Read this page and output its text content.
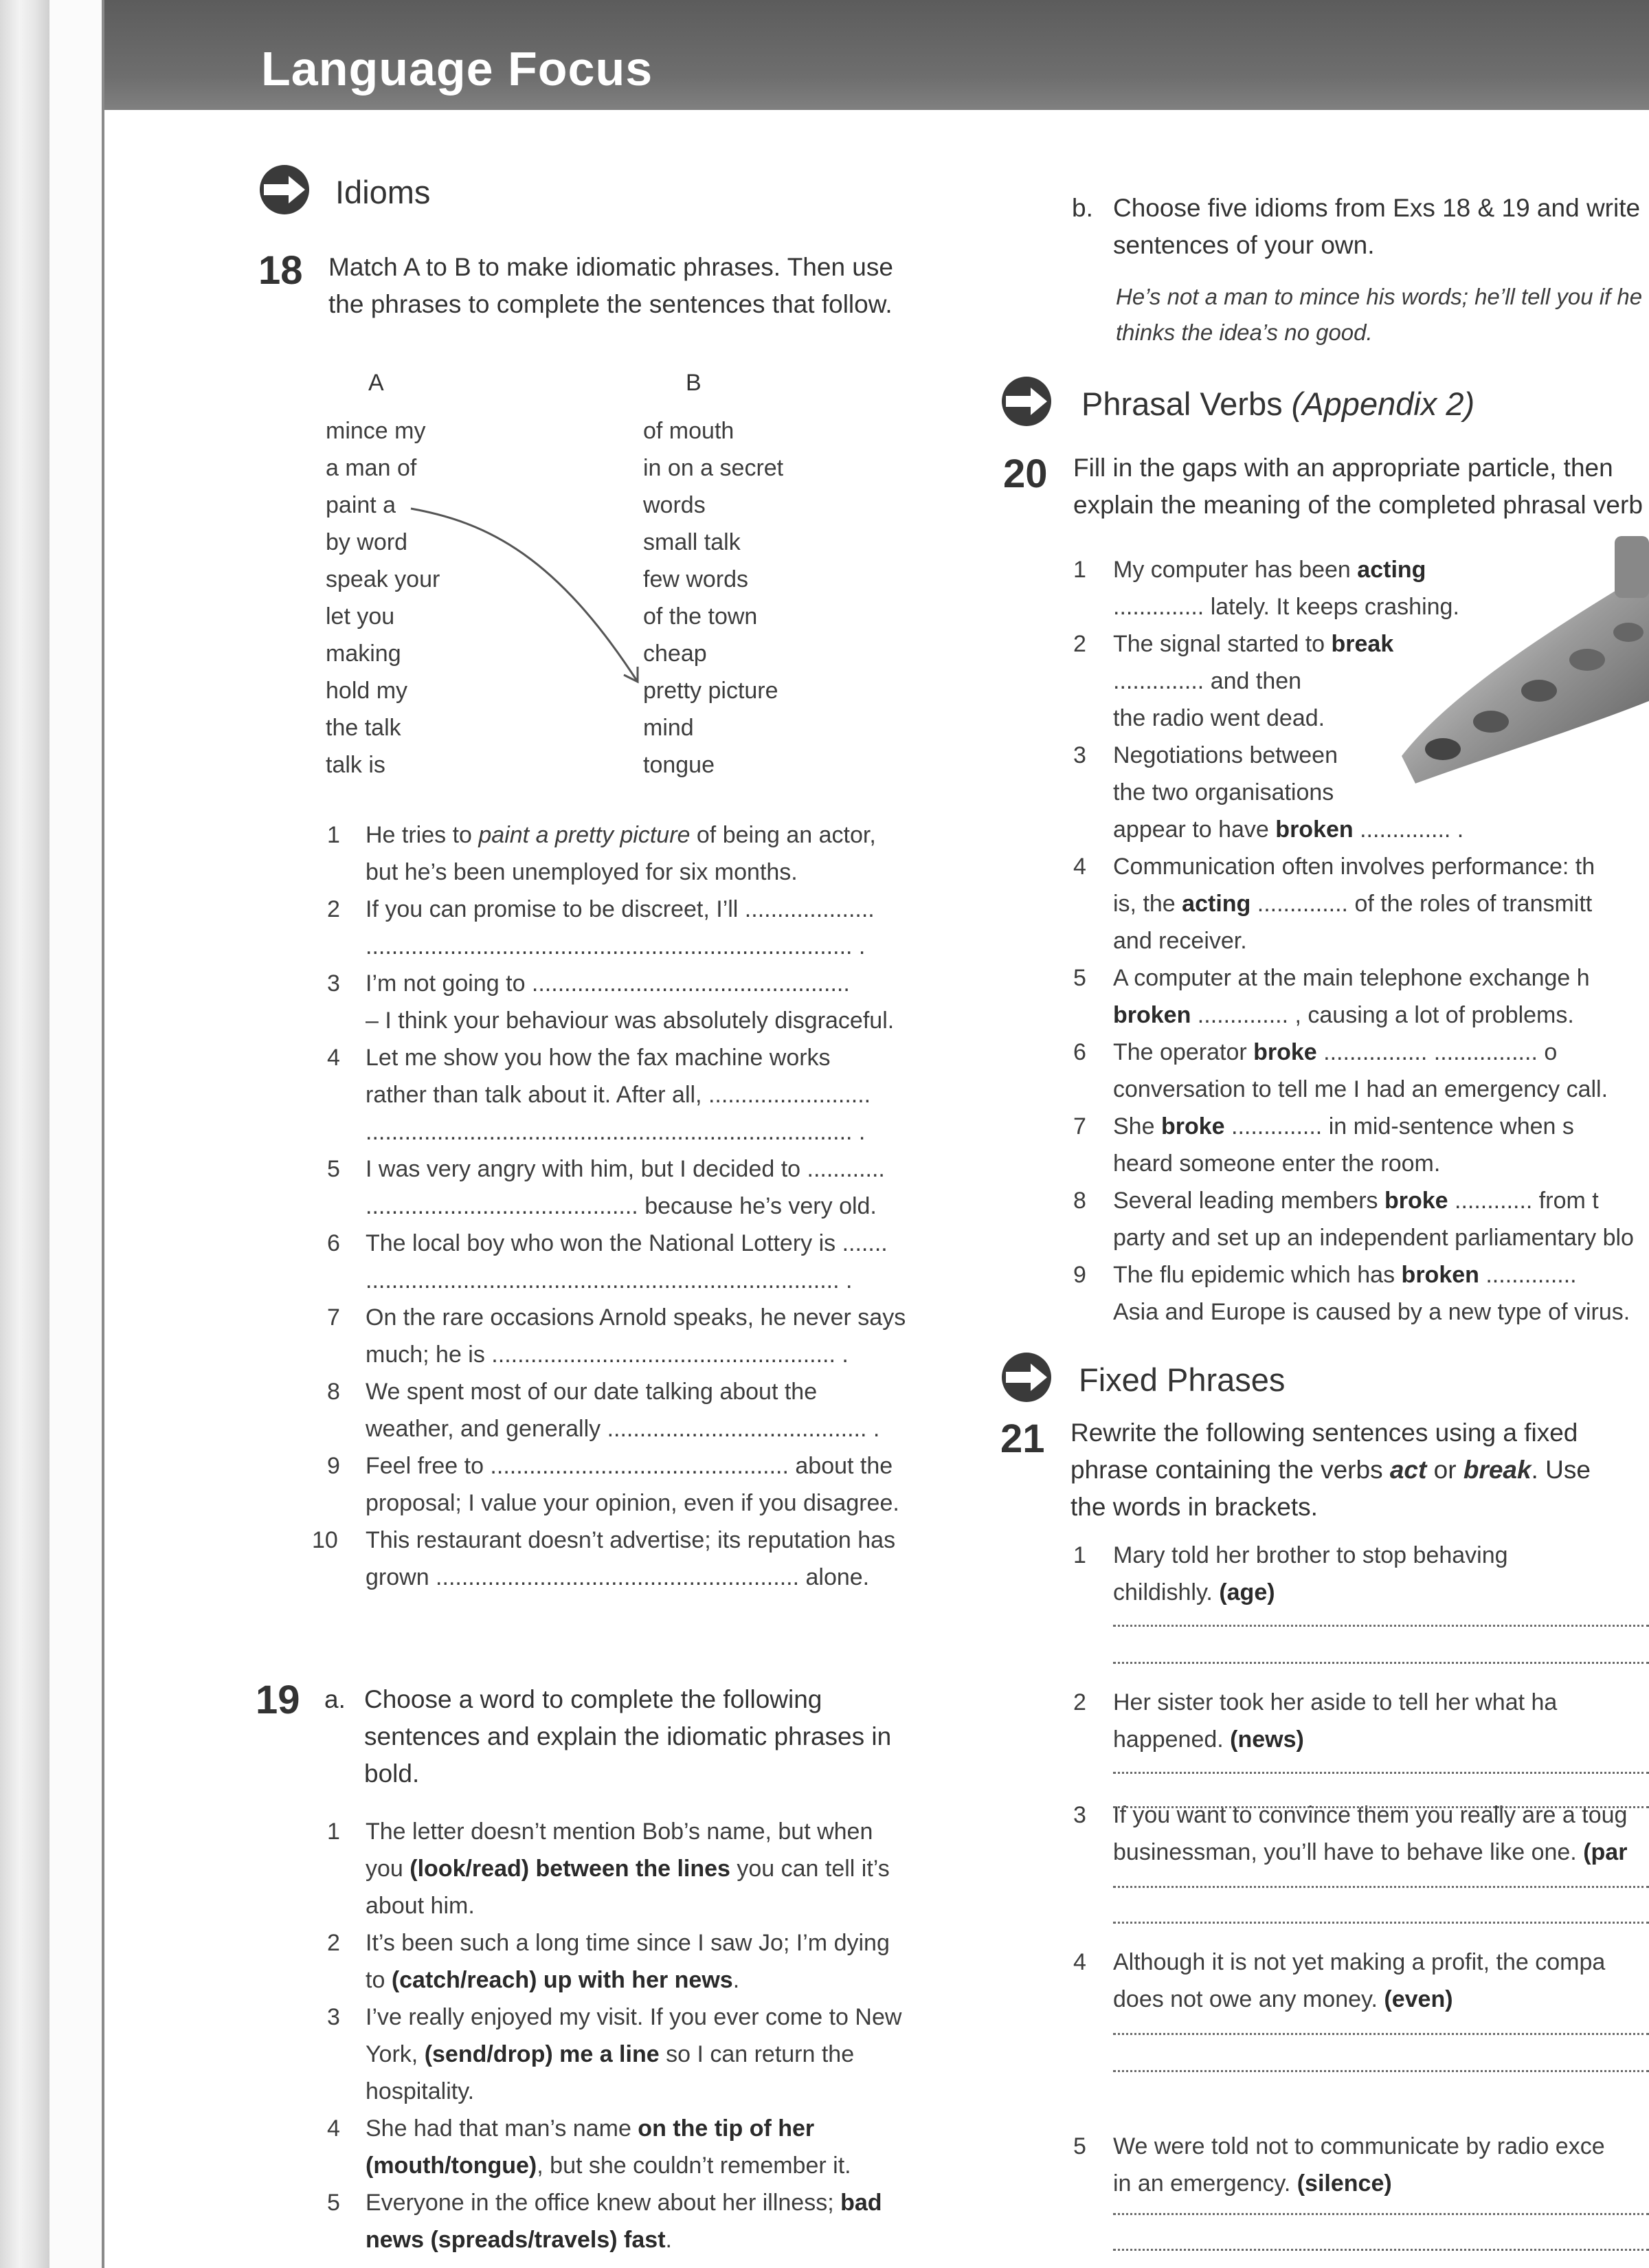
Language Focus
Idioms
18 Match A to B to make idiomatic phrases. Then use
the phrases to complete the sentences that follow.
A	B
mince my
a man of
paint a
by word
speak your
let you
making
hold my
the talk
talk is
of mouth
in on a secret
words
small talk
few words
of the town
cheap
pretty picture
mind
tongue
1 He tries to paint a pretty picture of being an actor,
but he’s been unemployed for six months.
2 If you can promise to be discreet, I’ll ....................
........................................................................... .
3 I’m not going to .................................................
– I think your behaviour was absolutely disgraceful.
4 Let me show you how the fax machine works
rather than talk about it. After all, .........................
........................................................................... .
5 I was very angry with him, but I decided to ............
.......................................... because he’s very old.
6 The local boy who won the National Lottery is .......
......................................................................... .
7 On the rare occasions Arnold speaks, he never says
much; he is ..................................................... .
8 We spent most of our date talking about the
weather, and generally ........................................ .
9 Feel free to .............................................. about the
proposal; I value your opinion, even if you disagree.
10 This restaurant doesn’t advertise; its reputation has
grown ........................................................ alone.
19 a. Choose a word to complete the following
sentences and explain the idiomatic phrases in
bold.
1 The letter doesn’t mention Bob’s name, but when
you (look/read) between the lines you can tell it’s
about him.
2 It’s been such a long time since I saw Jo; I’m dying
to (catch/reach) up with her news.
3 I’ve really enjoyed my visit. If you ever come to New
York, (send/drop) me a line so I can return the
hospitality.
4 She had that man’s name on the tip of her
(mouth/tongue), but she couldn’t remember it.
5 Everyone in the office knew about her illness; bad
news (spreads/travels) fast.
b. Choose five idioms from Exs 18 & 19 and write
sentences of your own.
He’s not a man to mince his words; he’ll tell you if he
thinks the idea’s no good.
Phrasal Verbs (Appendix 2)
20 Fill in the gaps with an appropriate particle, then
explain the meaning of the completed phrasal verb
1 My computer has been acting
.............. lately. It keeps crashing.
2 The signal started to break
.............. and then
the radio went dead.
3 Negotiations between
the two organisations
appear to have broken .............. .
4 Communication often involves performance: th
is, the acting .............. of the roles of transmitt
and receiver.
5 A computer at the main telephone exchange h
broken .............. , causing a lot of problems.
6 The operator broke ................ ................ o
conversation to tell me I had an emergency call.
7 She broke .............. in mid-sentence when s
heard someone enter the room.
8 Several leading members broke ............ from t
party and set up an independent parliamentary blo
9 The flu epidemic which has broken ..............
Asia and Europe is caused by a new type of virus.
Fixed Phrases
21 Rewrite the following sentences using a fixed
phrase containing the verbs act or break. Use
the words in brackets.
1 Mary told her brother to stop behaving
childishly. (age)
2 Her sister took her aside to tell her what ha
happened. (news)
3 If you want to convince them you really are a toug
businessman, you’ll have to behave like one. (par
4 Although it is not yet making a profit, the compa
does not owe any money. (even)
5 We were told not to communicate by radio exce
in an emergency. (silence)
